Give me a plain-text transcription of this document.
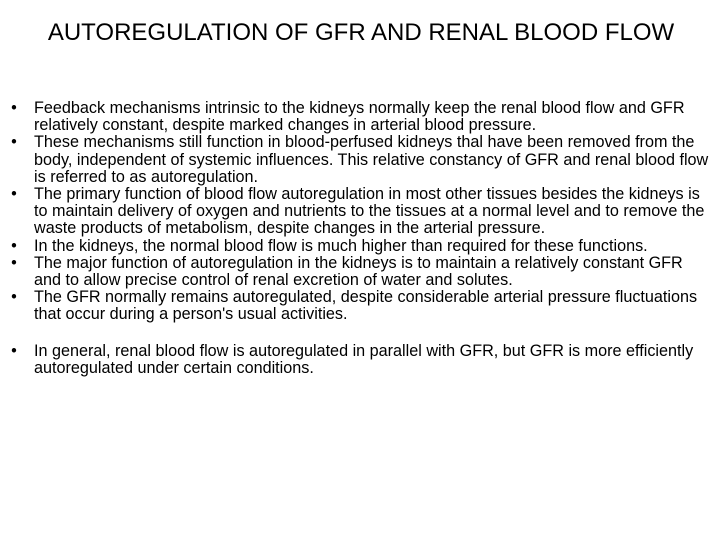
AUTOREGULATION OF GFR AND RENAL BLOOD FLOW
• Feedback mechanisms intrinsic to the kidneys normally keep the renal blood flow and GFR relatively constant, despite marked changes in arterial blood pressure.
• These mechanisms still function in blood-perfused kidneys thal have been removed from the body, independent of systemic influences. This relative constancy of GFR and renal blood flow is referred to as autoregulation.
• The primary function of blood flow autoregulation in most other tissues besides the kidneys is to maintain delivery of oxygen and nutrients to the tissues at a normal level and to remove the waste products of metabolism, despite changes in the arterial pressure.
• In the kidneys, the normal blood flow is much higher than required for these functions.
• The major function of autoregulation in the kidneys is to maintain a relatively constant GFR and to allow precise control of renal excretion of water and solutes.
• The GFR normally remains autoregulated, despite considerable arterial pressure fluctuations that occur during a person's usual activities.
• In general, renal blood flow is autoregulated in parallel with GFR, but GFR is more efficiently autoregulated under certain conditions.
